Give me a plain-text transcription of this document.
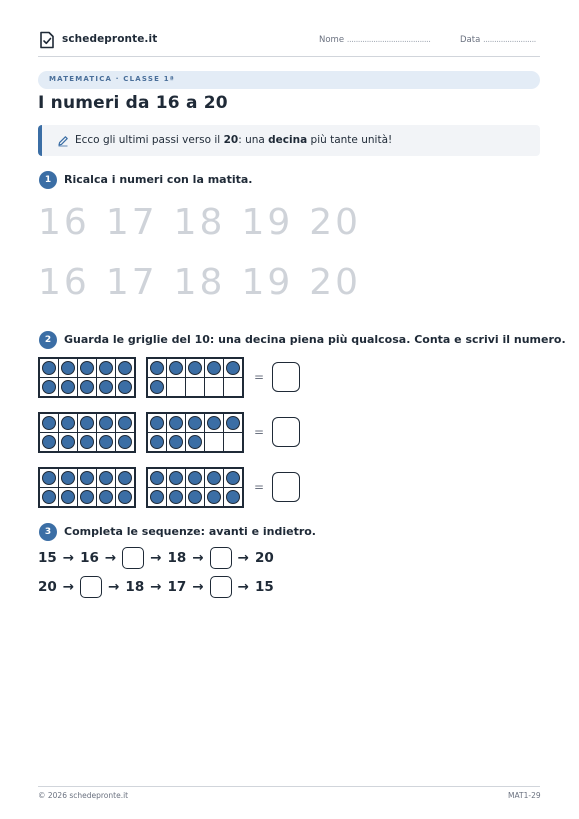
schedepronte.it	Nome ......................................	Data ........................
MATEMATICA · CLASSE 1ª
I numeri da 16 a 20
Ecco gli ultimi passi verso il 20: una decina più tante unità!
1	Ricalca i numeri con la matita.
16 17 18 19 20
16 17 18 19 20
2	Guarda le griglie del 10: una decina piena più qualcosa. Conta e scrivi il numero.
=
=
=
3	Completa le sequenze: avanti e indietro.
15 → 16 →	→ 18 →	→ 20
20 →	→ 18 → 17 →	→ 15
© 2026 schedepronte.it	MAT1-29
